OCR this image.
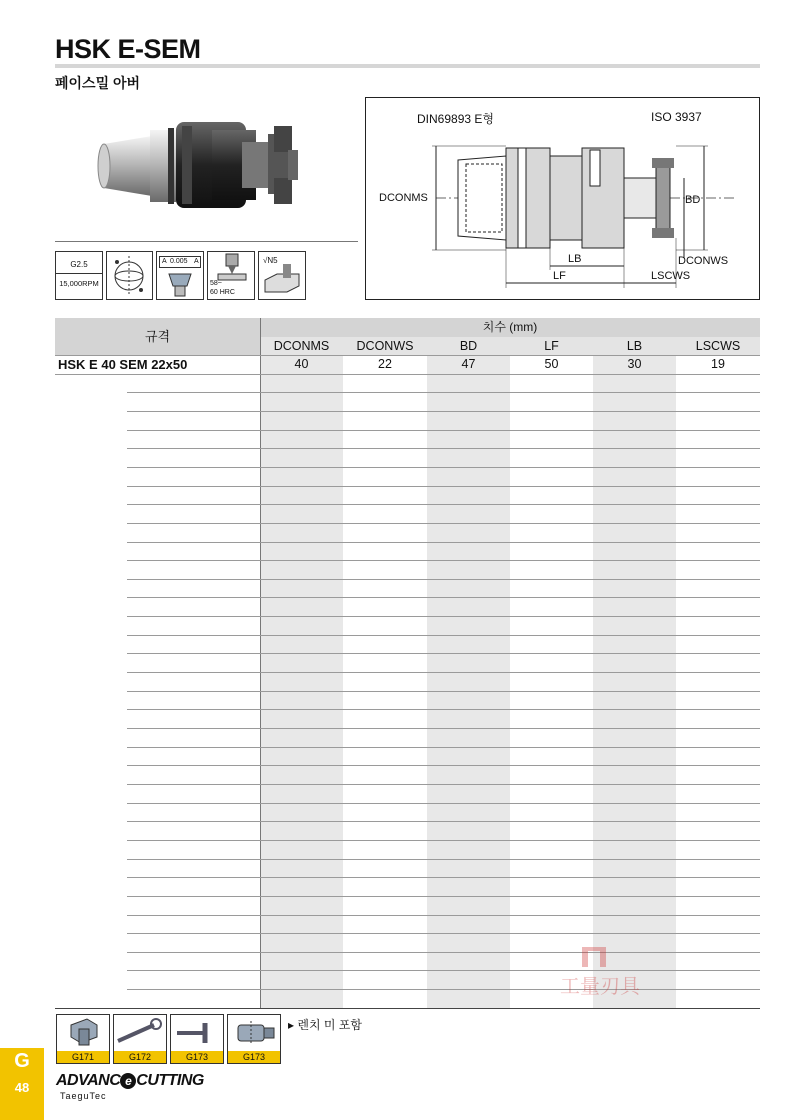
HSK E-SEM
페이스밀 아버
G2.5
15,000RPM
A 0.005 A
58~
60 HRC
√N5
DIN69893 E형	ISO 3937
DCONMS	BD
LB
LF
DCONWS
LSCWS
규격
치수 (mm)
DCONMS	DCONWS	BD	LF	LB	LSCWS
HSK E 40 SEM 22x50	40	22	47	50	30	19
工量刃具
G171	G172	G173	G173
▸ 렌치 미 포함
G
48	ADVANC e CUTTING
TaeguTec
